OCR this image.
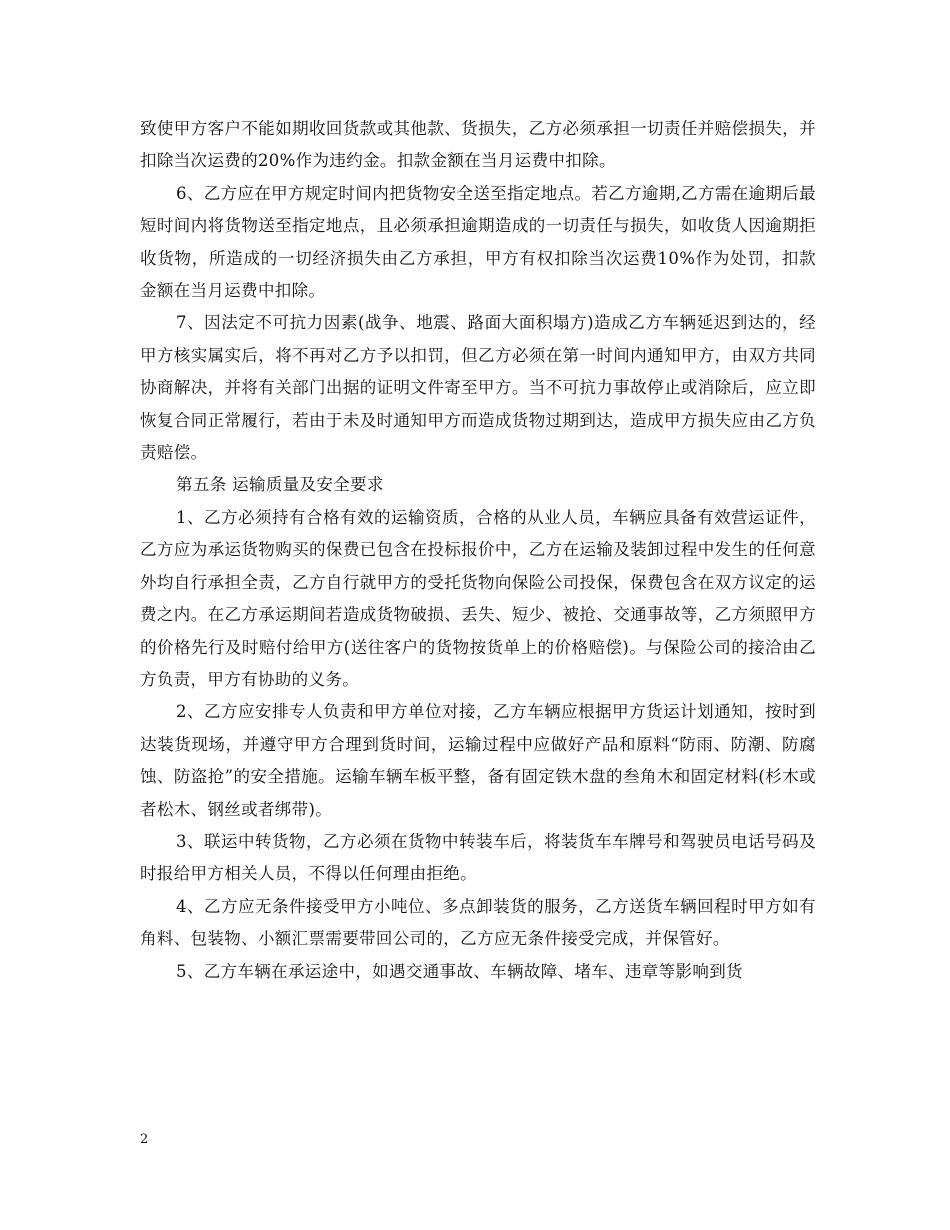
致使甲方客户不能如期收回货款或其他款、货损失，乙方必须承担一切责任并赔偿损失，并扣除当次运费的20%作为违约金。扣款金额在当月运费中扣除。

6、乙方应在甲方规定时间内把货物安全送至指定地点。若乙方逾期,乙方需在逾期后最短时间内将货物送至指定地点，且必须承担逾期造成的一切责任与损失，如收货人因逾期拒收货物，所造成的一切经济损失由乙方承担，甲方有权扣除当次运费10%作为处罚，扣款金额在当月运费中扣除。

7、因法定不可抗力因素(战争、地震、路面大面积塌方)造成乙方车辆延迟到达的，经甲方核实属实后，将不再对乙方予以扣罚，但乙方必须在第一时间内通知甲方，由双方共同协商解决，并将有关部门出据的证明文件寄至甲方。当不可抗力事故停止或消除后，应立即恢复合同正常履行，若由于未及时通知甲方而造成货物过期到达，造成甲方损失应由乙方负责赔偿。

第五条 运输质量及安全要求

1、乙方必须持有合格有效的运输资质，合格的从业人员，车辆应具备有效营运证件，乙方应为承运货物购买的保费已包含在投标报价中，乙方在运输及装卸过程中发生的任何意外均自行承担全责，乙方自行就甲方的受托货物向保险公司投保，保费包含在双方议定的运费之内。在乙方承运期间若造成货物破损、丢失、短少、被抢、交通事故等，乙方须照甲方的价格先行及时赔付给甲方(送往客户的货物按货单上的价格赔偿)。与保险公司的接洽由乙方负责，甲方有协助的义务。

2、乙方应安排专人负责和甲方单位对接，乙方车辆应根据甲方货运计划通知，按时到达装货现场，并遵守甲方合理到货时间，运输过程中应做好产品和原料“防雨、防潮、防腐蚀、防盗抢”的安全措施。运输车辆车板平整，备有固定铁木盘的叁角木和固定材料(杉木或者松木、钢丝或者绑带)。

3、联运中转货物，乙方必须在货物中转装车后，将装货车车牌号和驾驶员电话号码及时报给甲方相关人员，不得以任何理由拒绝。

4、乙方应无条件接受甲方小吨位、多点卸装货的服务，乙方送货车辆回程时甲方如有角料、包装物、小额汇票需要带回公司的，乙方应无条件接受完成，并保管好。

5、乙方车辆在承运途中，如遇交通事故、车辆故障、堵车、违章等影响到货

2
